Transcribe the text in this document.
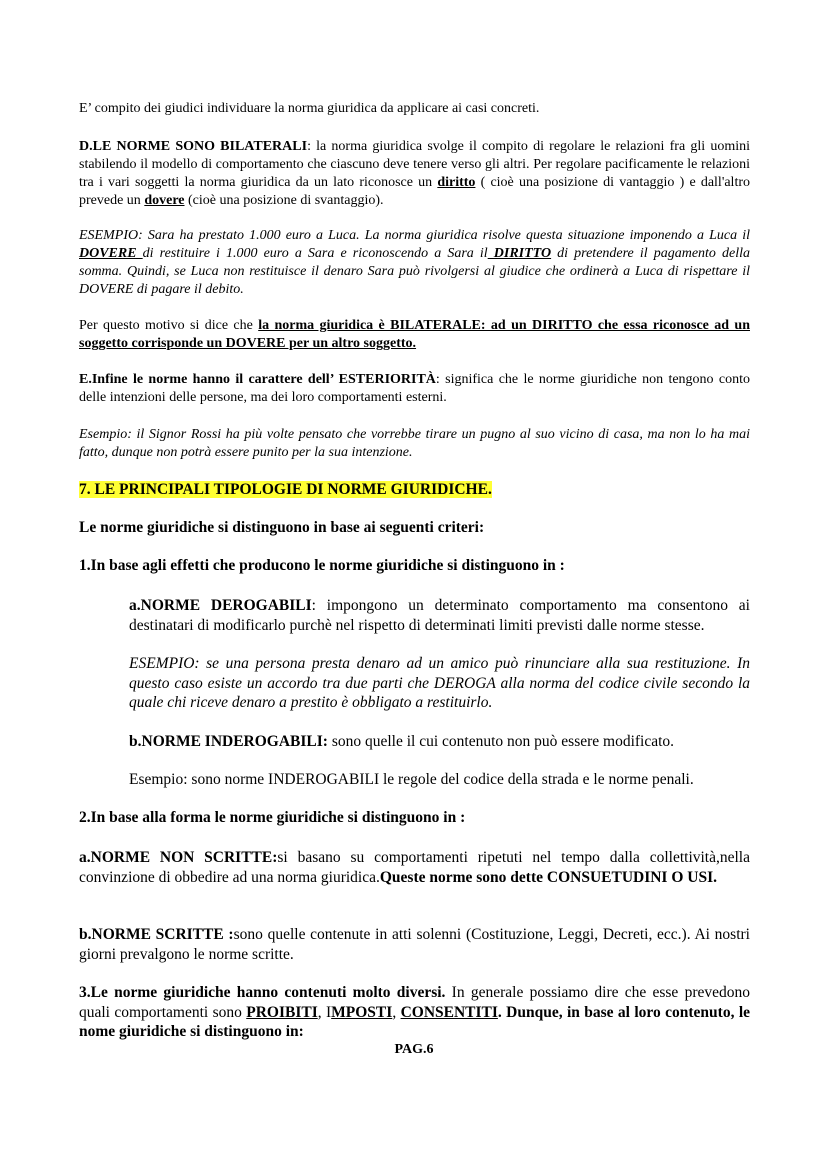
E’ compito dei giudici individuare la norma giuridica da applicare ai casi concreti.

D.LE NORME SONO BILATERALI: la norma giuridica svolge il compito di regolare le relazioni fra gli uomini stabilendo il modello di comportamento che ciascuno deve tenere verso gli altri. Per regolare pacificamente le relazioni tra i vari soggetti la norma giuridica da un lato riconosce un diritto ( cioè una posizione di vantaggio ) e dall'altro prevede un dovere (cioè una posizione di svantaggio).

ESEMPIO: Sara ha prestato 1.000 euro a Luca. La norma giuridica risolve questa situazione imponendo a Luca il DOVERE di restituire i 1.000 euro a Sara e riconoscendo a Sara il DIRITTO di pretendere il pagamento della somma. Quindi, se Luca non restituisce il denaro Sara può rivolgersi al giudice che ordinerà a Luca di rispettare il DOVERE di pagare il debito.

Per questo motivo si dice che la norma giuridica è BILATERALE: ad un DIRITTO che essa riconosce ad un soggetto corrisponde un DOVERE per un altro soggetto.

E.Infine le norme hanno il carattere dell’ ESTERIORITÀ: significa che le norme giuridiche non tengono conto delle intenzioni delle persone, ma dei loro comportamenti esterni.

Esempio: il Signor Rossi ha più volte pensato che vorrebbe tirare un pugno al suo vicino di casa, ma non lo ha mai fatto, dunque non potrà essere punito per la sua intenzione.

7. LE PRINCIPALI TIPOLOGIE DI NORME GIURIDICHE.

Le norme giuridiche si distinguono in base ai seguenti criteri:

1.In base agli effetti che producono le norme giuridiche si distinguono in :

a.NORME DEROGABILI: impongono un determinato comportamento ma consentono ai destinatari di modificarlo purchè nel rispetto di determinati limiti previsti dalle norme stesse.

ESEMPIO: se una persona presta denaro ad un amico può rinunciare alla sua restituzione. In questo caso esiste un accordo tra due parti che DEROGA alla norma del codice civile secondo la quale chi riceve denaro a prestito è obbligato a restituirlo.

b.NORME INDEROGABILI: sono quelle il cui contenuto non può essere modificato.

Esempio: sono norme INDEROGABILI le regole del codice della strada e le norme penali.

2.In base alla forma le norme giuridiche si distinguono in :

a.NORME NON SCRITTE:si basano su comportamenti ripetuti nel tempo dalla collettività,nella convinzione di obbedire ad una norma giuridica.Queste norme sono dette CONSUETUDINI O USI.

b.NORME SCRITTE :sono quelle contenute in atti solenni (Costituzione, Leggi, Decreti, ecc.). Ai nostri giorni prevalgono le norme scritte.

3.Le norme giuridiche hanno contenuti molto diversi. In generale possiamo dire che esse prevedono quali comportamenti sono PROIBITI, IMPOSTI, CONSENTITI. Dunque, in base al loro contenuto, le nome giuridiche si distinguono in:

PAG.6
